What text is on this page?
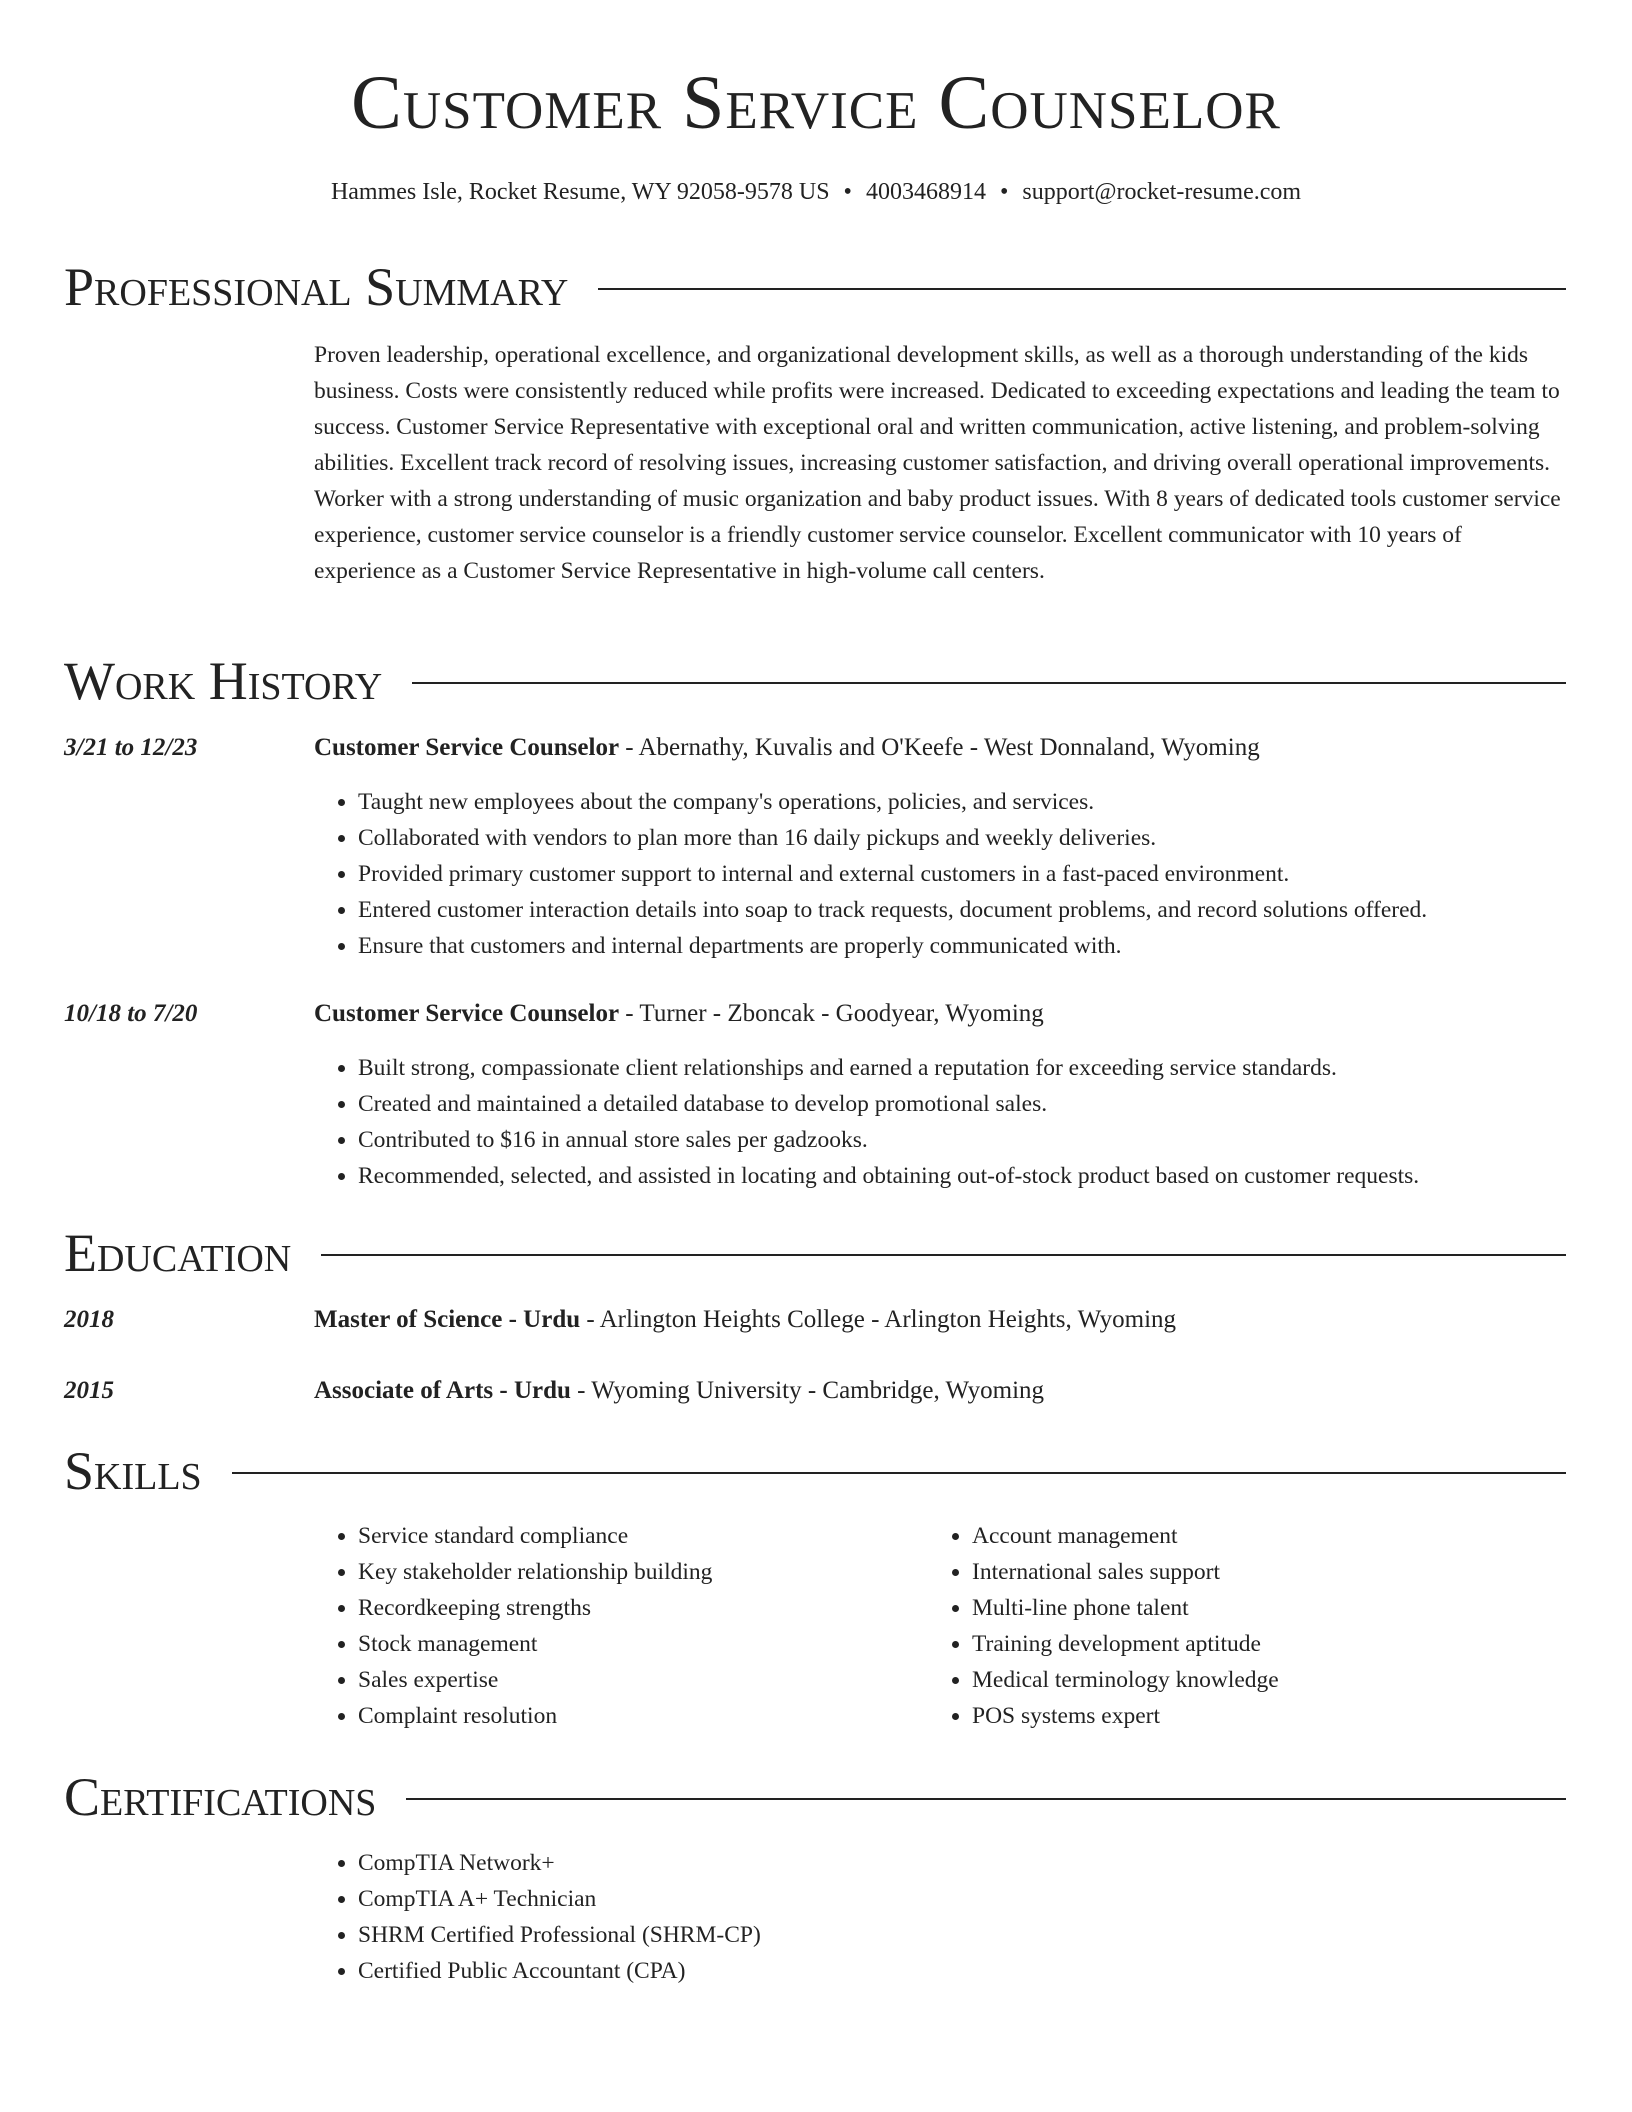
Customer Service Counselor
Hammes Isle, Rocket Resume, WY 92058-9578 US • 4003468914 • support@rocket-resume.com
Professional Summary

Proven leadership, operational excellence, and organizational development skills, as well as a thorough understanding of the kids business. Costs were consistently reduced while profits were increased. Dedicated to exceeding expectations and leading the team to success. Customer Service Representative with exceptional oral and written communication, active listening, and problem-solving abilities. Excellent track record of resolving issues, increasing customer satisfaction, and driving overall operational improvements. Worker with a strong understanding of music organization and baby product issues. With 8 years of dedicated tools customer service experience, customer service counselor is a friendly customer service counselor. Excellent communicator with 10 years of experience as a Customer Service Representative in high-volume call centers.

Work History
3/21 to 12/23	Customer Service Counselor - Abernathy, Kuvalis and O'Keefe - West Donnaland, Wyoming
• Taught new employees about the company's operations, policies, and services.
• Collaborated with vendors to plan more than 16 daily pickups and weekly deliveries.
• Provided primary customer support to internal and external customers in a fast-paced environment.
• Entered customer interaction details into soap to track requests, document problems, and record solutions offered.
• Ensure that customers and internal departments are properly communicated with.
10/18 to 7/20	Customer Service Counselor - Turner - Zboncak - Goodyear, Wyoming
• Built strong, compassionate client relationships and earned a reputation for exceeding service standards.
• Created and maintained a detailed database to develop promotional sales.
• Contributed to $16 in annual store sales per gadzooks.
• Recommended, selected, and assisted in locating and obtaining out-of-stock product based on customer requests.
Education
2018	Master of Science - Urdu - Arlington Heights College - Arlington Heights, Wyoming
2015	Associate of Arts - Urdu - Wyoming University - Cambridge, Wyoming
Skills
• Service standard compliance
• Key stakeholder relationship building
• Recordkeeping strengths
• Stock management
• Sales expertise
• Complaint resolution
• Account management
• International sales support
• Multi-line phone talent
• Training development aptitude
• Medical terminology knowledge
• POS systems expert
Certifications
• CompTIA Network+
• CompTIA A+ Technician
• SHRM Certified Professional (SHRM-CP)
• Certified Public Accountant (CPA)
